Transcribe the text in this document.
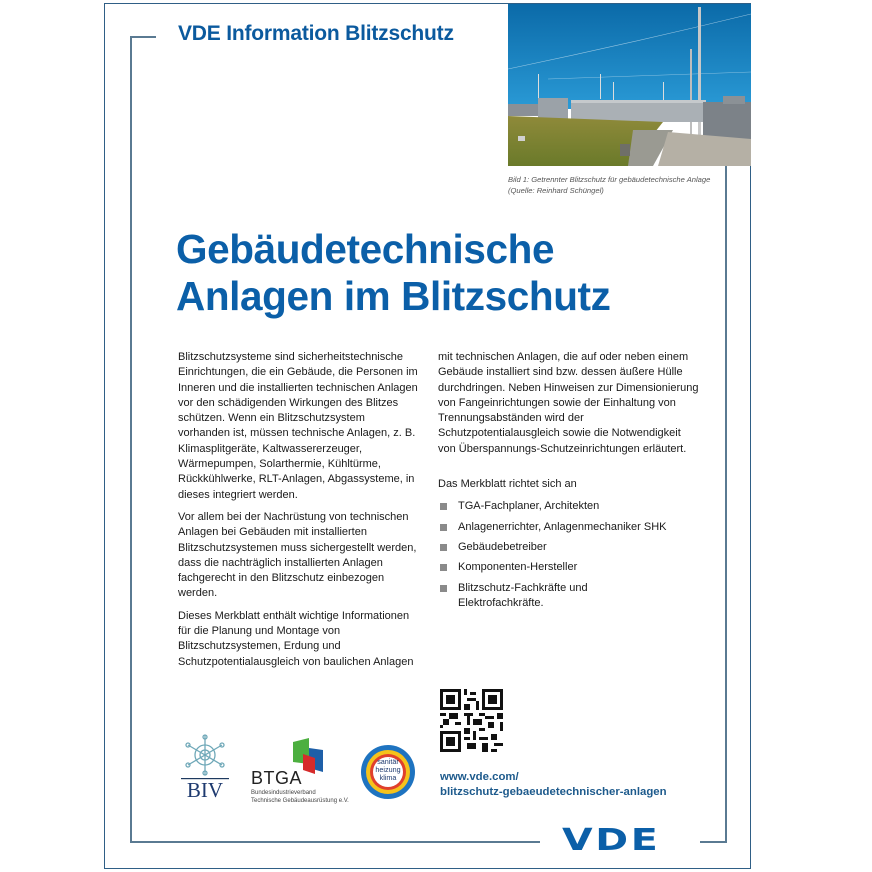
VDE Information Blitzschutz
Bild 1: Getrennter Blitzschutz für gebäudetechnische Anlage
(Quelle: Reinhard Schüngel)
Gebäudetechnische
Anlagen im Blitzschutz

Blitzschutzsysteme sind sicherheitstechnische Einrichtungen, die ein Gebäude, die Personen im Inneren und die installierten technischen Anlagen vor den schädigenden Wirkungen des Blitzes schützen. Wenn ein Blitzschutzsystem vorhanden ist, müssen technische Anlagen, z. B. Klimasplitgeräte, Kaltwassererzeuger, Wärmepumpen, Solarthermie, Kühltürme, Rückkühlwerke, RLT-Anlagen, Abgassysteme, in dieses integriert werden.

Vor allem bei der Nachrüstung von technischen Anlagen bei Gebäuden mit installierten Blitzschutzsystemen muss sichergestellt werden, dass die nachträglich installierten Anlagen fachgerecht in den Blitzschutz einbezogen werden.

Dieses Merkblatt enthält wichtige Informationen für die Planung und Montage von Blitzschutzsystemen, Erdung und Schutzpotentialausgleich von baulichen Anlagen

mit technischen Anlagen, die auf oder neben einem Gebäude installiert sind bzw. dessen äußere Hülle durchdringen. Neben Hinweisen zur Dimensionierung von Fangeinrichtungen sowie der Einhaltung von Trennungsabständen wird der Schutzpotentialausgleich sowie die Notwendigkeit von Überspannungs-Schutzeinrichtungen erläutert.

Das Merkblatt richtet sich an

TGA-Fachplaner, Architekten
Anlagenerrichter, Anlagenmechaniker SHK
Gebäudebetreiber
Komponenten-Hersteller
Blitzschutz-Fachkräfte und Elektrofachkräfte.
www.vde.com/
blitzschutz-gebaeudetechnischer-anlagen
BIV BTGA
Bundesindustrieverband
Technische Gebäudeausrüstung e.V.
sanitär
heizung
klima
VDE
